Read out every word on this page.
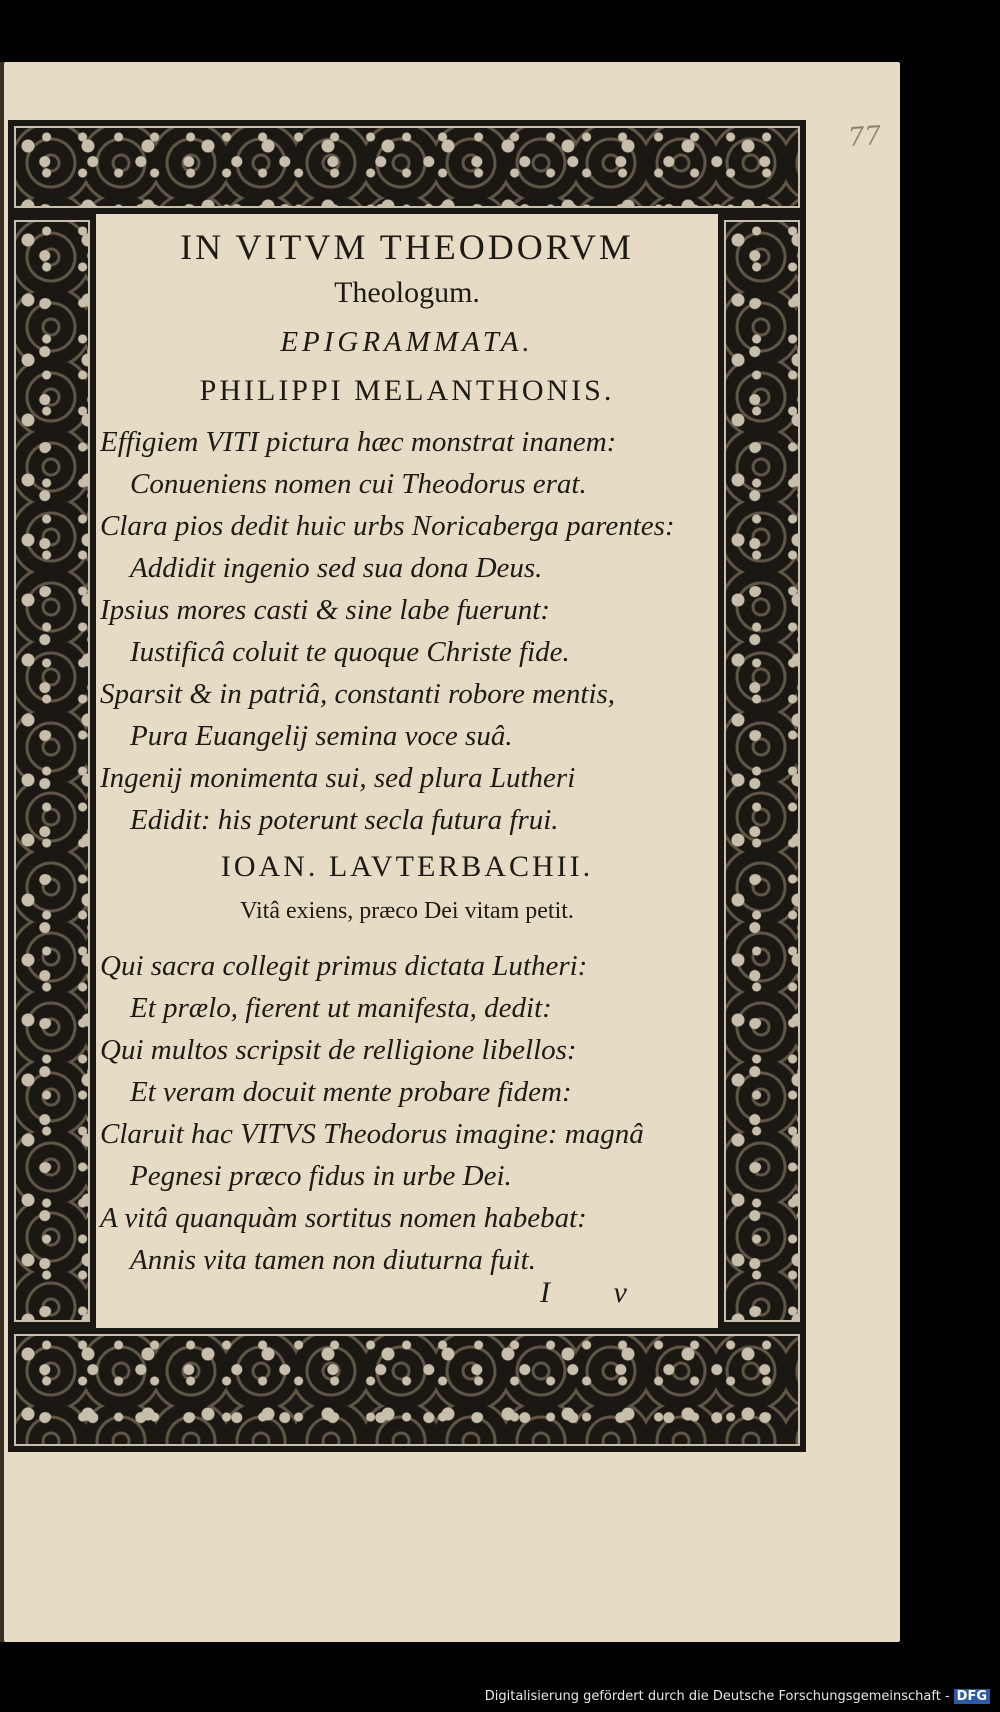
77
IN VITVM THEODORVM
Theologum.
EPIGRAMMATA.
PHILIPPI MELANTHONIS.
Effigiem VITI pictura hæc monstrat inanem:
Conueniens nomen cui Theodorus erat.
Clara pios dedit huic urbs Noricaberga parentes:
Addidit ingenio sed sua dona Deus.
Ipsius mores casti & sine labe fuerunt:
Iustificâ coluit te quoque Christe fide.
Sparsit & in patriâ, constanti robore mentis,
Pura Euangelij semina voce suâ.
Ingenij monimenta sui, sed plura Lutheri
Edidit: his poterunt secla futura frui.
IOAN. LAVTERBACHII.
Vitâ exiens, præco Dei vitam petit.
Qui sacra collegit primus dictata Lutheri:
Et prælo, fierent ut manifesta, dedit:
Qui multos scripsit de relligione libellos:
Et veram docuit mente probare fidem:
Claruit hac VITVS Theodorus imagine: magnâ
Pegnesi præco fidus in urbe Dei.
A vitâ quanquàm sortitus nomen habebat:
Annis vita tamen non diuturna fuit.
I v
Digitalisierung gefördert durch die Deutsche Forschungsgemeinschaft - DFG
